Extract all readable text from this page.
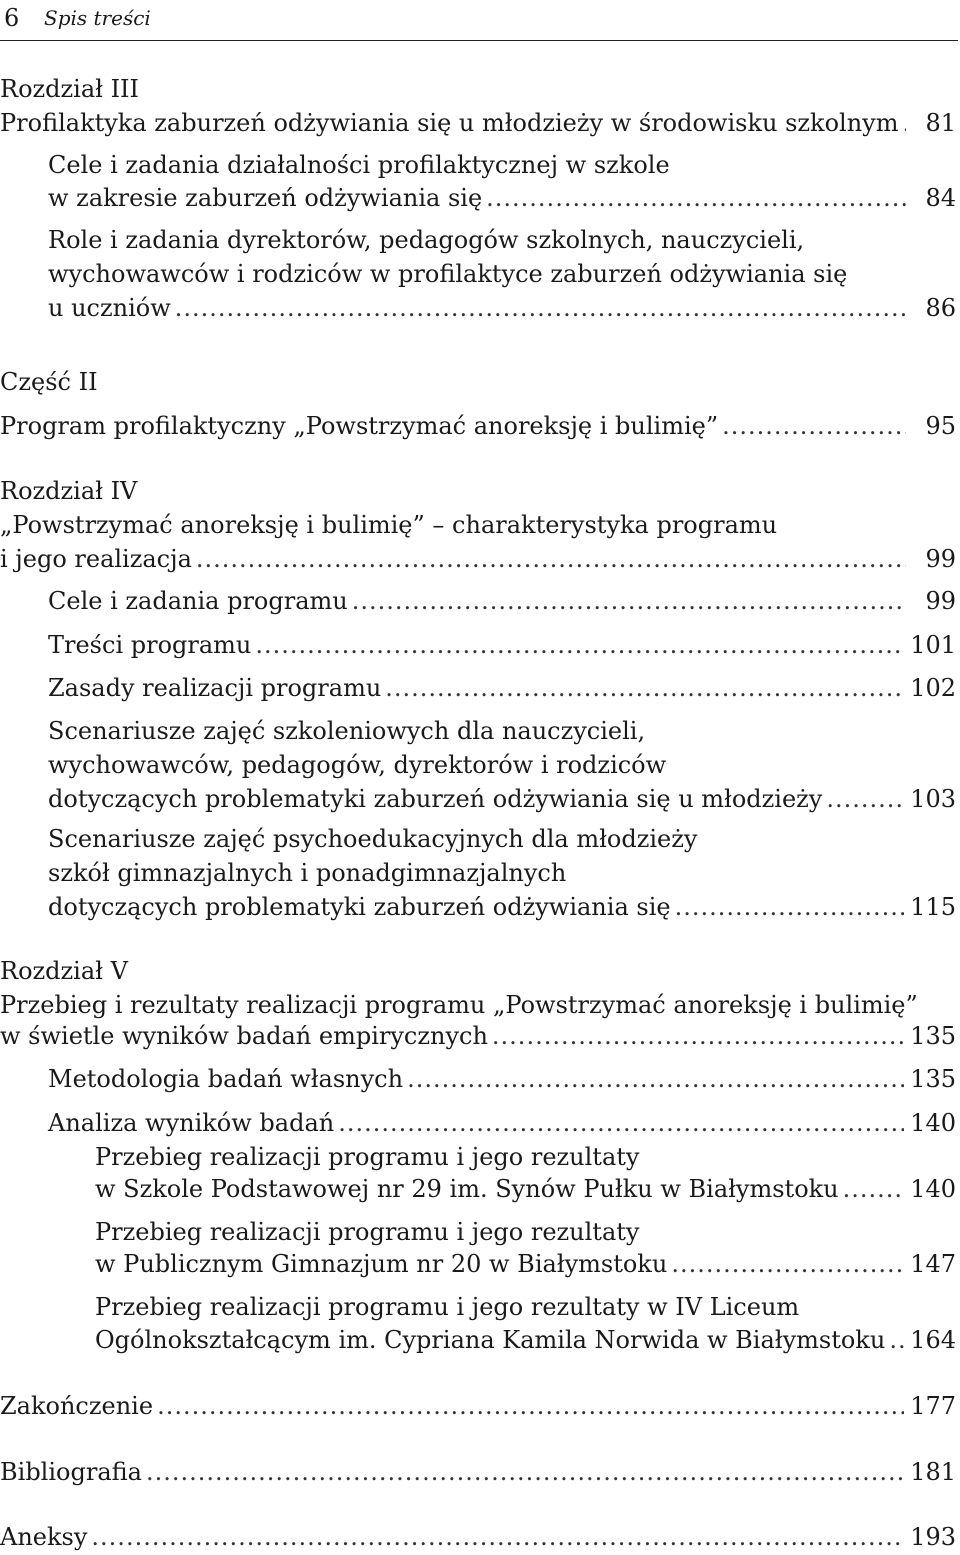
6 Spis treści
Rozdział III
Profilaktyka zaburzeń odżywiania się u młodzieży w środowisku szkolnym .....	81
Cele i zadania działalności profilaktycznej w szkole
w zakresie zaburzeń odżywiania się .....	84
Role i zadania dyrektorów, pedagogów szkolnych, nauczycieli,
wychowawców i rodziców w profilaktyce zaburzeń odżywiania się
u uczniów .....	86
Część II
Program profilaktyczny „Powstrzymać anoreksję i bulimię” .....	95
Rozdział IV
„Powstrzymać anoreksję i bulimię” – charakterystyka programu
i jego realizacja .....	99
Cele i zadania programu .....	99
Treści programu .....	101
Zasady realizacji programu .....	102
Scenariusze zajęć szkoleniowych dla nauczycieli,
wychowawców, pedagogów, dyrektorów i rodziców
dotyczących problematyki zaburzeń odżywiania się u młodzieży .....	103
Scenariusze zajęć psychoedukacyjnych dla młodzieży
szkół gimnazjalnych i ponadgimnazjalnych
dotyczących problematyki zaburzeń odżywiania się .....	115
Rozdział V
Przebieg i rezultaty realizacji programu „Powstrzymać anoreksję i bulimię”
w świetle wyników badań empirycznych .....	135
Metodologia badań własnych .....	135
Analiza wyników badań .....	140
Przebieg realizacji programu i jego rezultaty
w Szkole Podstawowej nr 29 im. Synów Pułku w Białymstoku .....	140
Przebieg realizacji programu i jego rezultaty
w Publicznym Gimnazjum nr 20 w Białymstoku .....	147
Przebieg realizacji programu i jego rezultaty w IV Liceum
Ogólnokształcącym im. Cypriana Kamila Norwida w Białymstoku ..... 164
Zakończenie .....	177
Bibliografia .....	181
Aneksy .....	193
